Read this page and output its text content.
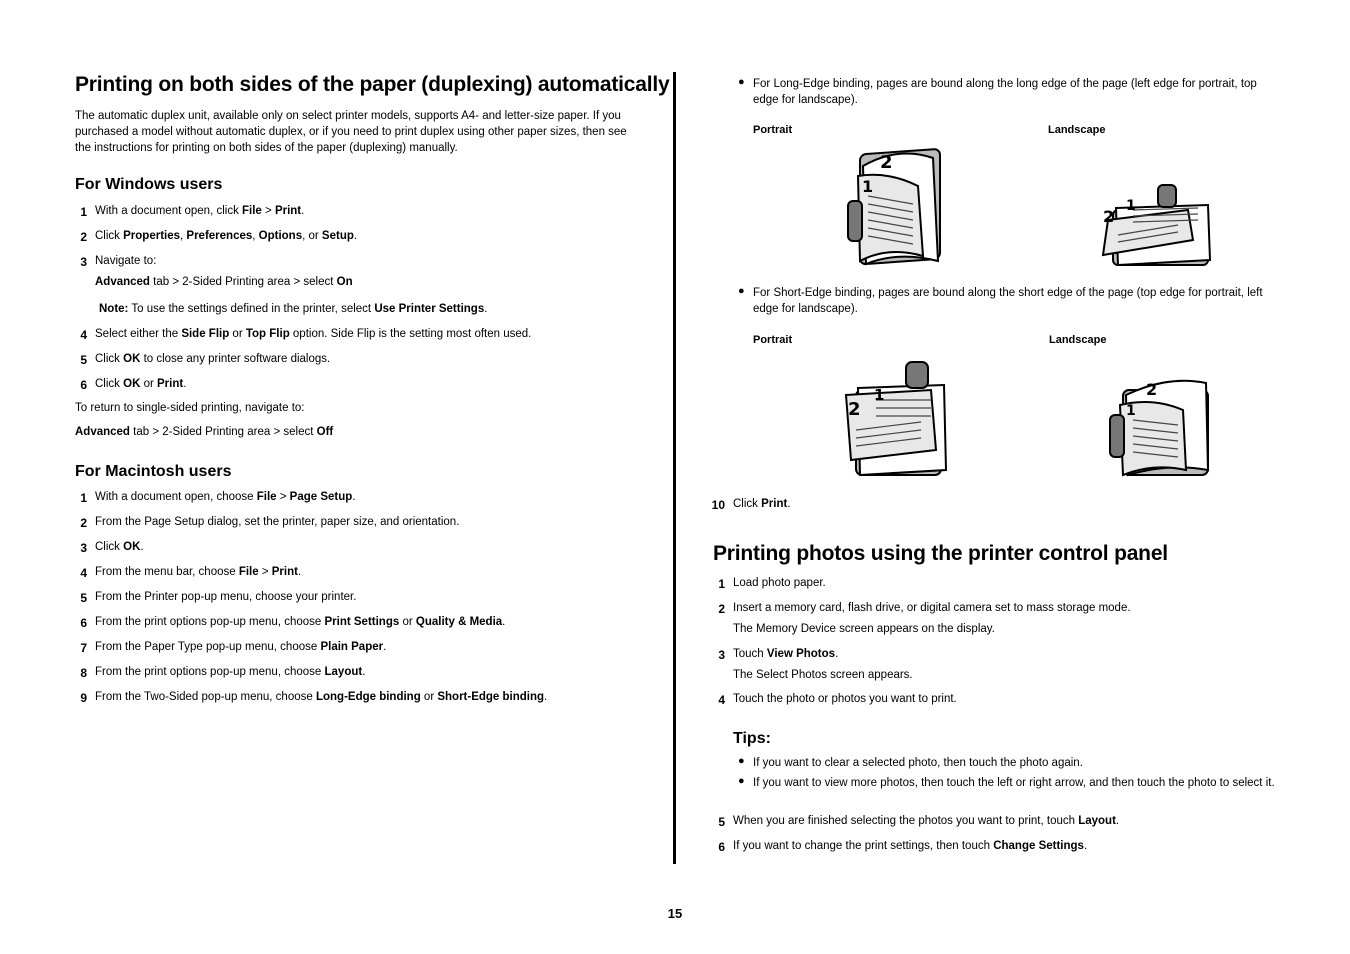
Printing on both sides of the paper (duplexing) automatically
The automatic duplex unit, available only on select printer models, supports A4- and letter-size paper. If you purchased a model without automatic duplex, or if you need to print duplex using other paper sizes, then see the instructions for printing on both sides of the paper (duplexing) manually.
For Windows users
1 With a document open, click File > Print.
2 Click Properties, Preferences, Options, or Setup.
3 Navigate to:
Advanced tab > 2-Sided Printing area > select On
Note: To use the settings defined in the printer, select Use Printer Settings.
4 Select either the Side Flip or Top Flip option. Side Flip is the setting most often used.
5 Click OK to close any printer software dialogs.
6 Click OK or Print.
To return to single-sided printing, navigate to:
Advanced tab > 2-Sided Printing area > select Off
For Macintosh users
1 With a document open, choose File > Page Setup.
2 From the Page Setup dialog, set the printer, paper size, and orientation.
3 Click OK.
4 From the menu bar, choose File > Print.
5 From the Printer pop-up menu, choose your printer.
6 From the print options pop-up menu, choose Print Settings or Quality & Media.
7 From the Paper Type pop-up menu, choose Plain Paper.
8 From the print options pop-up menu, choose Layout.
9 From the Two-Sided pop-up menu, choose Long-Edge binding or Short-Edge binding.
● For Long-Edge binding, pages are bound along the long edge of the page (left edge for portrait, top edge for landscape).
Portrait	Landscape
2
1
2
1
● For Short-Edge binding, pages are bound along the short edge of the page (top edge for portrait, left edge for landscape).
Portrait	Landscape
2
1	2
1
10 Click Print.
Printing photos using the printer control panel
1 Load photo paper.
2 Insert a memory card, flash drive, or digital camera set to mass storage mode.
The Memory Device screen appears on the display.
3 Touch View Photos.
The Select Photos screen appears.
4 Touch the photo or photos you want to print.
Tips:
● If you want to clear a selected photo, then touch the photo again.
● If you want to view more photos, then touch the left or right arrow, and then touch the photo to select it.
5 When you are finished selecting the photos you want to print, touch Layout.
6 If you want to change the print settings, then touch Change Settings.
15
